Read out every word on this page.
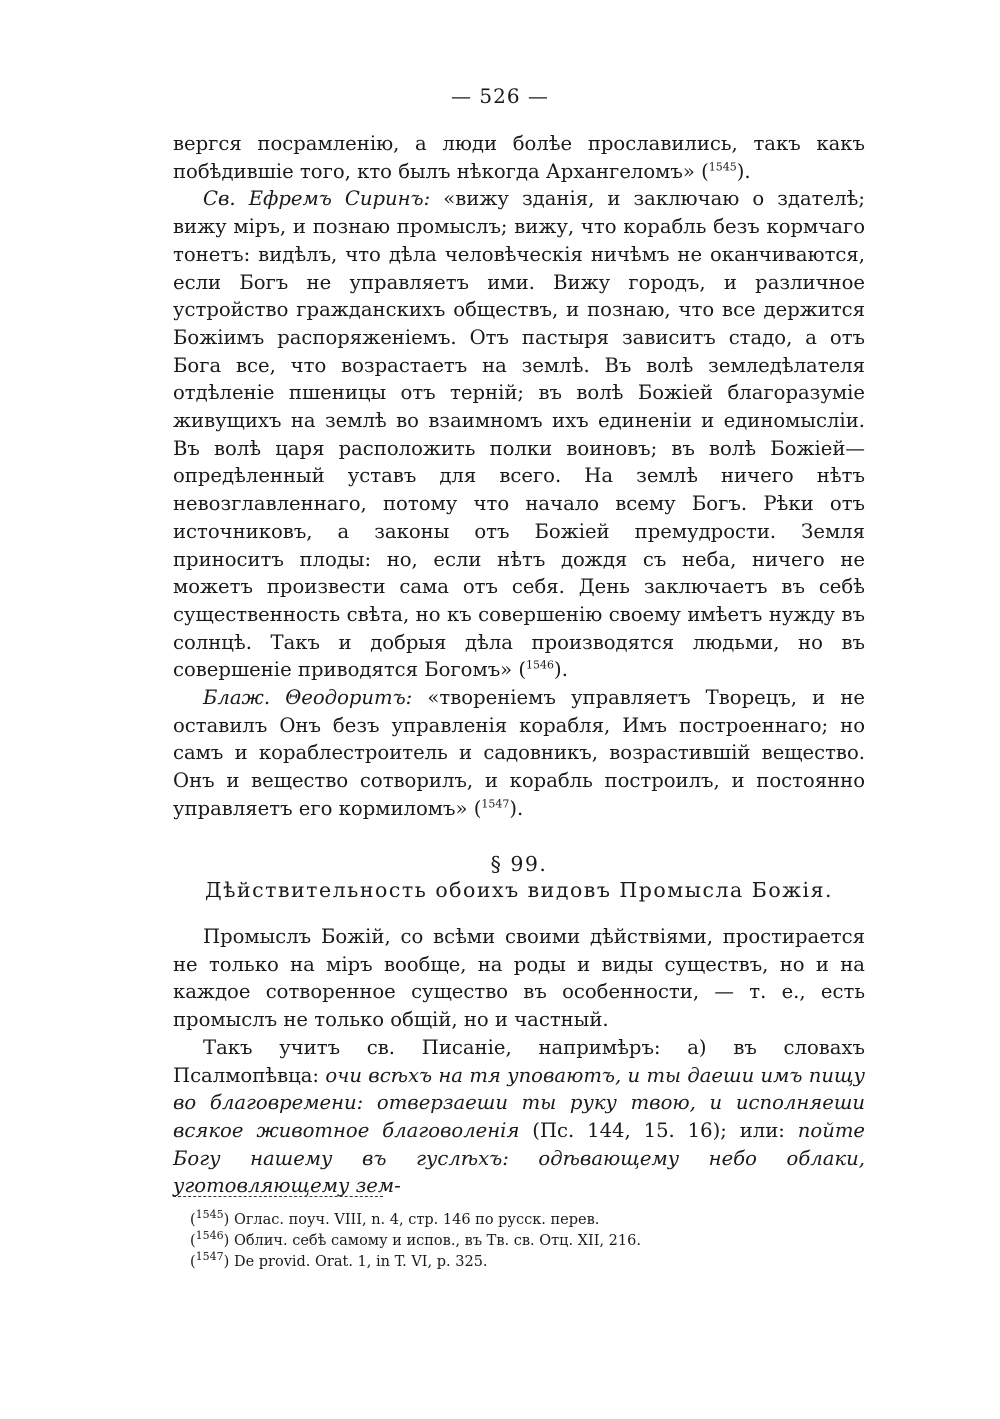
— 526 —

вергся посрамленію, а люди болѣе прославились, такъ какъ побѣдившіе того, кто былъ нѣкогда Архангеломъ» ($^{1545}$).

Св. Ефремъ Сиринъ: «вижу зданія, и заключаю о здателѣ; вижу міръ, и познаю промыслъ; вижу, что корабль безъ кормчаго тонетъ: видѣлъ, что дѣла человѣческія ничѣмъ не оканчиваются, если Богъ не управляетъ ими. Вижу городъ, и различное устройство гражданскихъ обществъ, и познаю, что все держится Божіимъ распоряженіемъ. Отъ пастыря зависитъ стадо, а отъ Бога все, что возрастаетъ на землѣ. Въ волѣ земледѣлателя отдѣленіе пшеницы отъ терній; въ волѣ Божіей благоразуміе живущихъ на землѣ во взаимномъ ихъ единеніи и единомысліи. Въ волѣ царя расположить полки воиновъ; въ волѣ Божіей—опредѣленный уставъ для всего. На землѣ ничего нѣтъ невозглавленнаго, потому что начало всему Богъ. Рѣки отъ источниковъ, а законы отъ Божіей премудрости. Земля приноситъ плоды: но, если нѣтъ дождя съ неба, ничего не можетъ произвести сама отъ себя. День заключаетъ въ себѣ существенность свѣта, но къ совершенію своему имѣетъ нужду въ солнцѣ. Такъ и добрыя дѣла производятся людьми, но въ совершеніе приводятся Богомъ» ($^{1546}$).

Блаж. Θеодоритъ: «твореніемъ управляетъ Творецъ, и не оставилъ Онъ безъ управленія корабля, Имъ построеннаго; но самъ и кораблестроитель и садовникъ, возрастившій вещество. Онъ и вещество сотворилъ, и корабль построилъ, и постоянно управляетъ его кормиломъ» ($^{1547}$).

§ 99.
Дѣйствительность обоихъ видовъ Промысла Божія.

Промыслъ Божій, со всѣми своими дѣйствіями, простирается не только на міръ вообще, на роды и виды существъ, но и на каждое сотворенное существо въ особенности, — т. е., есть промыслъ не только общій, но и частный.

Такъ учитъ св. Писаніе, напримѣръ: а) въ словахъ Псалмопѣвца: очи всѣхъ на тя уповаютъ, и ты даеши имъ пищу во благовремени: отверзаеши ты руку твою, и исполняеши всякое животное благоволенія (Пс. 144, 15. 16); или: пойте Богу нашему въ гуслѣхъ: одѣвающему небо облаки, уготовляющему зем-

($^{1545}$) Оглас. поуч. VIII, n. 4, стр. 146 по русск. перев.
($^{1546}$) Облич. себѣ самому и испов., въ Тв. св. Отц. XII, 216.
($^{1547}$) De provid. Orat. 1, in T. VI, p. 325.
